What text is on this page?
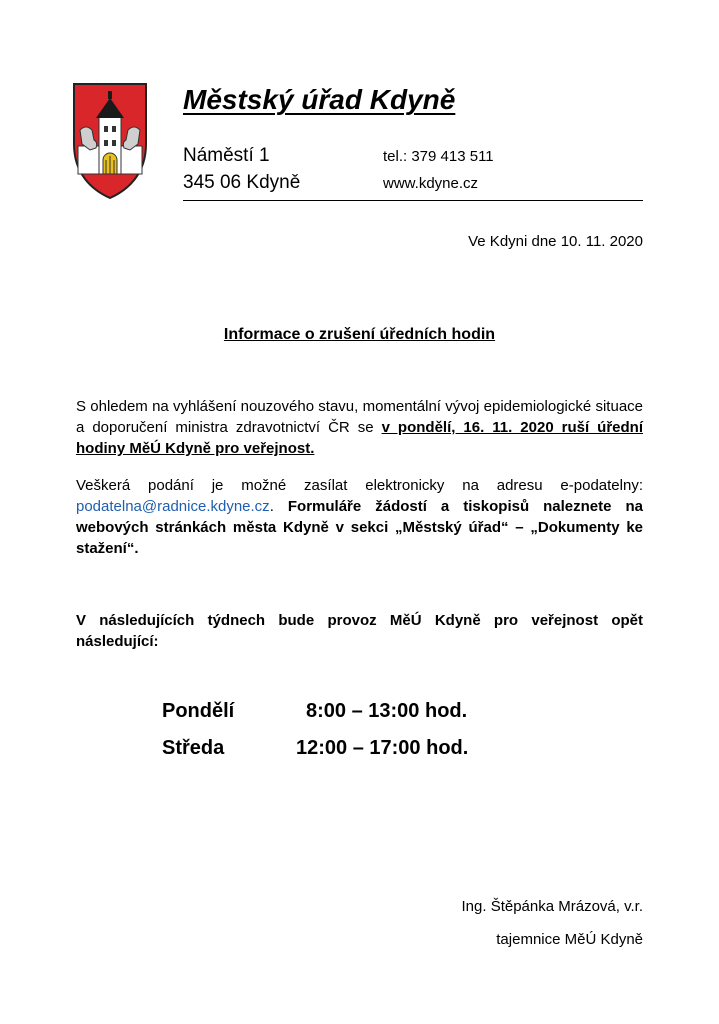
Městský úřad Kdyně
Náměstí 1
345 06 Kdyně
tel.: 379 413 511
www.kdyne.cz
Ve Kdyni dne 10. 11. 2020
Informace o zrušení úředních hodin
S ohledem na vyhlášení nouzového stavu, momentální vývoj epidemiologické situace a doporučení ministra zdravotnictví ČR se v pondělí, 16. 11. 2020 ruší úřední hodiny MěÚ Kdyně pro veřejnost.
Veškerá podání je možné zasílat elektronicky na adresu e-podatelny: podatelna@radnice.kdyne.cz. Formuláře žádostí a tiskopisů naleznete na webových stránkách města Kdyně v sekci „Městský úřad“ – „Dokumenty ke stažení“.
V následujících týdnech bude provoz MěÚ Kdyně pro veřejnost opět následující:
Pondělí	8:00 – 13:00 hod.
Středa	12:00 – 17:00 hod.
Ing. Štěpánka Mrázová, v.r.
tajemnice MěÚ Kdyně
